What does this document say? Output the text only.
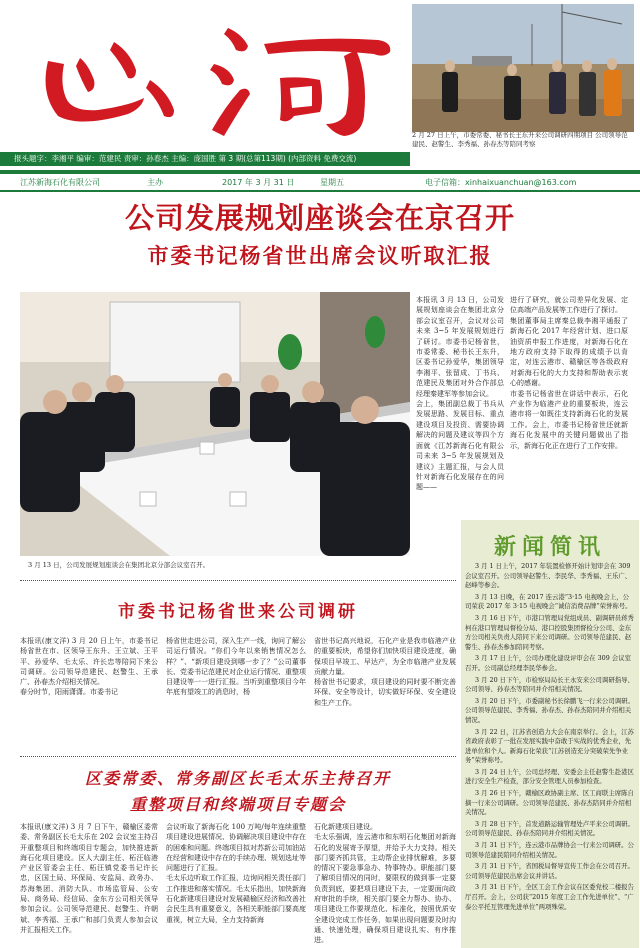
2 月 27 日上午，市委常委、秘书长王东升来公司调研四期项目 公司领导范建民、赵警生、李秀福、孙春杰等陪同考察
报头题字：李湘平 编审：范建民 责审：孙春杰 主编：庞国胜 第 3 期(总第113期) (内部资料 免费交流)
江苏新海石化有限公司	主办	2017 年 3 月 31 日	星期五	电子信箱：xinhaixuanchuan@163.com
公司发展规划座谈会在京召开
市委书记杨省世出席会议听取汇报
3 月 13 日，公司发展规划座谈会在集团北京分部会议室召开。
本报讯 3 月 13 日，公司发展规划座谈会在集团北京分部会议室召开，会议对公司未来 3~5 年发展规划进行了研讨。市委书记杨省世，市委常委、秘书长王东升，区委书记孙爱华，集团领导李湘平、张留成、丁书兵、范建民及集团对外合作部总经理秦建军等参加会议。
会上，集团副总裁丁书兵从发展思路、发展目标、重点建设项目及投资、需要协调解决的问题及建议等四个方面就《江苏新海石化有限公司未来 3~5 年发展规划及建议》主题汇报，与会人员针对新海石化发展存在的问题——
进行了研究，就公司差异化发展、定位高端产品发展等工作进行了探讨。
集团董事局主席秦总裁李湘平通报了新海石化 2017 年经营计划、进口原油资质申报工作进度，对新海石化在地方政府支持下取得的成绩予以肯定，对连云港市、赣榆区等各级政府对新海石化的大力支持和帮助表示衷心的感谢。
市委书记杨省世在讲话中表示，石化产业作为临港产业的重要板块，连云港市将一如既往支持新海石化的发展工作。会上，市委书记杨省世还就新海石化发展中的关键问题做出了指示，新海石化正在进行了工作安排。
新闻简讯

3 月 1 日上午，2017 年装置检修开始计划审会在 309 会议室召开。公司领导赵警生、李民华、李秀福、王乐广、赵峰等参会。

3 月 13 日晚，在 2017 连云港“3·15 电视晚会上，公司荣获 2017 年 3·15 电视晚会“诚信消费品牌”荣誉称号。

3 月 16 日下午，市港口管理局党组成员、副调研员蒋秀柯在港口管理局督检分局、港口控股集团督检分公司、金东方公司相关负责人陪同下来公司调研。公司领导范建民、赵警生、孙春杰参加陪同考察。

3 月 17 日上午，公司办理化建设评审会在 309 会议室召开。公司副总经理李民华参会。

3 月 20 日下午，市检察局局长王永安来公司调研指导、公司领导、孙春杰等陪同并介绍相关情况。

3 月 20 日下午，市委副秘书长徐鹏飞一行来公司调研。公司领导范建民、李秀福、孙春杰、孙春杰陪同并介绍相关情况。

3 月 22 日，江苏省创造力大会在南京举行。会上，江苏省政府表彰了一批在发展实践中奋敢于实战的优秀企业，先进单位和个人。新海石化荣获“江苏创造充分突破荣先争业务”荣誉称号。

3 月 24 日上午，公司总经理、安委会主任赵警生赴港区进行安全生产检查，部分安全管理人员参加检查。

3 月 26 日下午，赣榆区政协副主席、区工商联主席陈自摘一行来公司调研。公司领导范建民、孙春杰陪同并介绍相关情况。

3 月 28 日下午，首发道路运输管理处卢平来公司调研。公司领导范建民、孙春杰陪同并介绍相关情况。

3 月 31 日下午，连云港市品牌协会一行来公司调研。公司领导范建民陪同介绍相关情况。

3 月 31 日下午，省国税局督导宣传工作会在公司召开。公司领导范建民出席会议并讲话。

3 月 31 日下午，全区工会工作会议在区委党校二楼报告厅召开。会上，公司获“2015 年度工会工作先进单位”、“广泰公平托互管理先进单位”两项殊荣。

市委书记杨省世来公司调研
本报讯(康文洋) 3 月 20 日上午，市委书记杨省世在市、区领导王东升、王立斌、王平平、孙爱华、毛太乐、许长忠等陪同下来公司调研。公司领导范建民、赵警生、王承广、孙春杰介绍相关情况。
春分时节，阳雨潇潇。市委书记
杨省世走进公司，深入生产一线，询问了解公司运行情况。“你们今年以来销售情况怎么样？”、“新项目建设到哪一步了？”公司董事长、党委书记范建民对企业运行情况、重整项目建设等一一进行汇报。当听到重整项目今年年底有望竣工的消息时，杨
省世书记高兴地说，石化产业是我市临港产业的重要板块，希望你们加快项目建设进度，确保项目早竣工、早达产，为全市临港产业发展贡献力量。
杨省世书记要求，项目建设的同时要不断完善环保、安全等设计，切实做好环保、安全建设和生产工作。
区委常委、常务副区长毛太乐主持召开
重整项目和终端项目专题会
本报讯(康文洋) 3 月 7 日下午，赣榆区委常委、常务副区长毛太乐在 202 会议室主持召开重整项目和终端项目专题会，加快推进新海石化项目建设。区人大副主任、柘汪临港产业区管委会主任、柘汪镇党委书记许长忠，区国土局、环保局、安监局、政务办、苏海集团、消防大队、市场监管局、公安局、商务局、经信局、金东方公司相关领导参加会议。公司领导范建民、赵警生、许朝斌、李秀福、王承广和部门负责人参加会议并汇报相关工作。
会议听取了新海石化 100 万吨/每年连续重整项目建设进展情况、协调解决项目建设中存在的困难和问题。终端项目拟对苏新公司加油站在经营和建设中存在的手续办理、规划选址等问题进行了汇报。
毛太乐边听取工作汇报，边询问相关责任部门工作推进和落实情况。毛太乐指出，加快新海石化新建项目建设对发展赣榆区经济和改善社会民生具有重要意义，各相关职能部门要高度重视，树立大局，全力支持新海
石化新建项目建设。
毛太乐强调，连云港市和东明石化集团对新海石化的发展寄予厚望，并给予大力支持。相关部门要齐抓共管，主动帮企业排忧解难，多要的情况下要急事急办、特事特办。职能部门要了解项目情况的同时，要限权的做到事一定要负责到底，要把项目建设下去，一定要面向政府审批的手续，相关部门要全力帮办、协办、项目建设工作要规范化、标准化，按照优质安全建设完成工作任务，如果出现问题要及时沟通、快速处理，确保项目建设扎实、有序推进。
